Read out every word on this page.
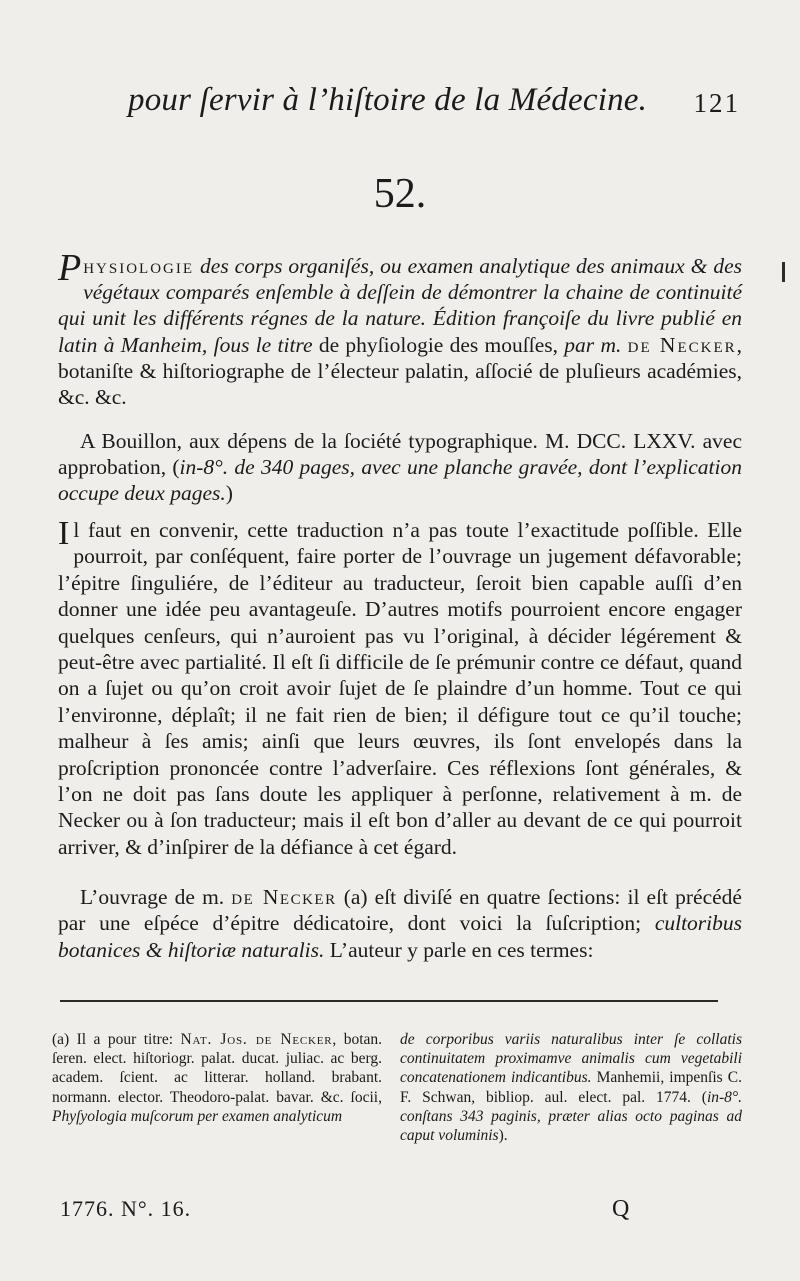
pour ſervir à l’hiſtoire de la Médecine. 121
52.
Physiologie des corps organiſés, ou examen analytique des animaux & des végétaux comparés enſemble à deſſein de démontrer la chaine de continuité qui unit les différents régnes de la nature. Édition françoiſe du livre publié en latin à Manheim, ſous le titre de phyſiologie des mouſſes, par m. de Necker, botaniſte & hiſtoriographe de l’électeur palatin, aſſocié de pluſieurs académies, &c. &c.
A Bouillon, aux dépens de la ſociété typographique. M. DCC. LXXV. avec approbation, (in-8°. de 340 pages, avec une planche gravée, dont l’explication occupe deux pages.)
Il faut en convenir, cette traduction n’a pas toute l’exactitude poſſible. Elle pourroit, par conſéquent, faire porter de l’ouvrage un jugement défavorable; l’épitre ſinguliére, de l’éditeur au traducteur, ſeroit bien capable auſſi d’en donner une idée peu avantageuſe. D’autres motifs pourroient encore engager quelques cenſeurs, qui n’auroient pas vu l’original, à décider légérement & peut-être avec partialité. Il eſt ſi difficile de ſe prémunir contre ce défaut, quand on a ſujet ou qu’on croit avoir ſujet de ſe plaindre d’un homme. Tout ce qui l’environne, déplaît; il ne fait rien de bien; il défigure tout ce qu’il touche; malheur à ſes amis; ainſi que leurs œuvres, ils ſont envelopés dans la proſcription prononcée contre l’adverſaire. Ces réflexions ſont générales, & l’on ne doit pas ſans doute les appliquer à perſonne, relativement à m. de Necker ou à ſon traducteur; mais il eſt bon d’aller au devant de ce qui pourroit arriver, & d’inſpirer de la défiance à cet égard.
L’ouvrage de m. de Necker (a) eſt diviſé en quatre ſections: il eſt précédé par une eſpéce d’épitre dédicatoire, dont voici la ſuſcription; cultoribus botanices & hiſtoriæ naturalis. L’auteur y parle en ces termes:
(a) Il a pour titre: Nat. Jos. de Necker, botan. ſeren. elect. hiſtoriogr. palat. ducat. juliac. ac berg. academ. ſcient. ac litterar. holland. brabant. normann. elector. Theodoro-palat. bavar. &c. ſocii, Phyſyologia muſcorum per examen analyticum
de corporibus variis naturalibus inter ſe collatis continuitatem proximamve animalis cum vegetabili concatenationem indicantibus. Manhemii, impenſis C. F. Schwan, bibliop. aul. elect. pal. 1774. (in-8°. conſtans 343 paginis, præter alias octo paginas ad caput voluminis).
1776. N°. 16.	Q
